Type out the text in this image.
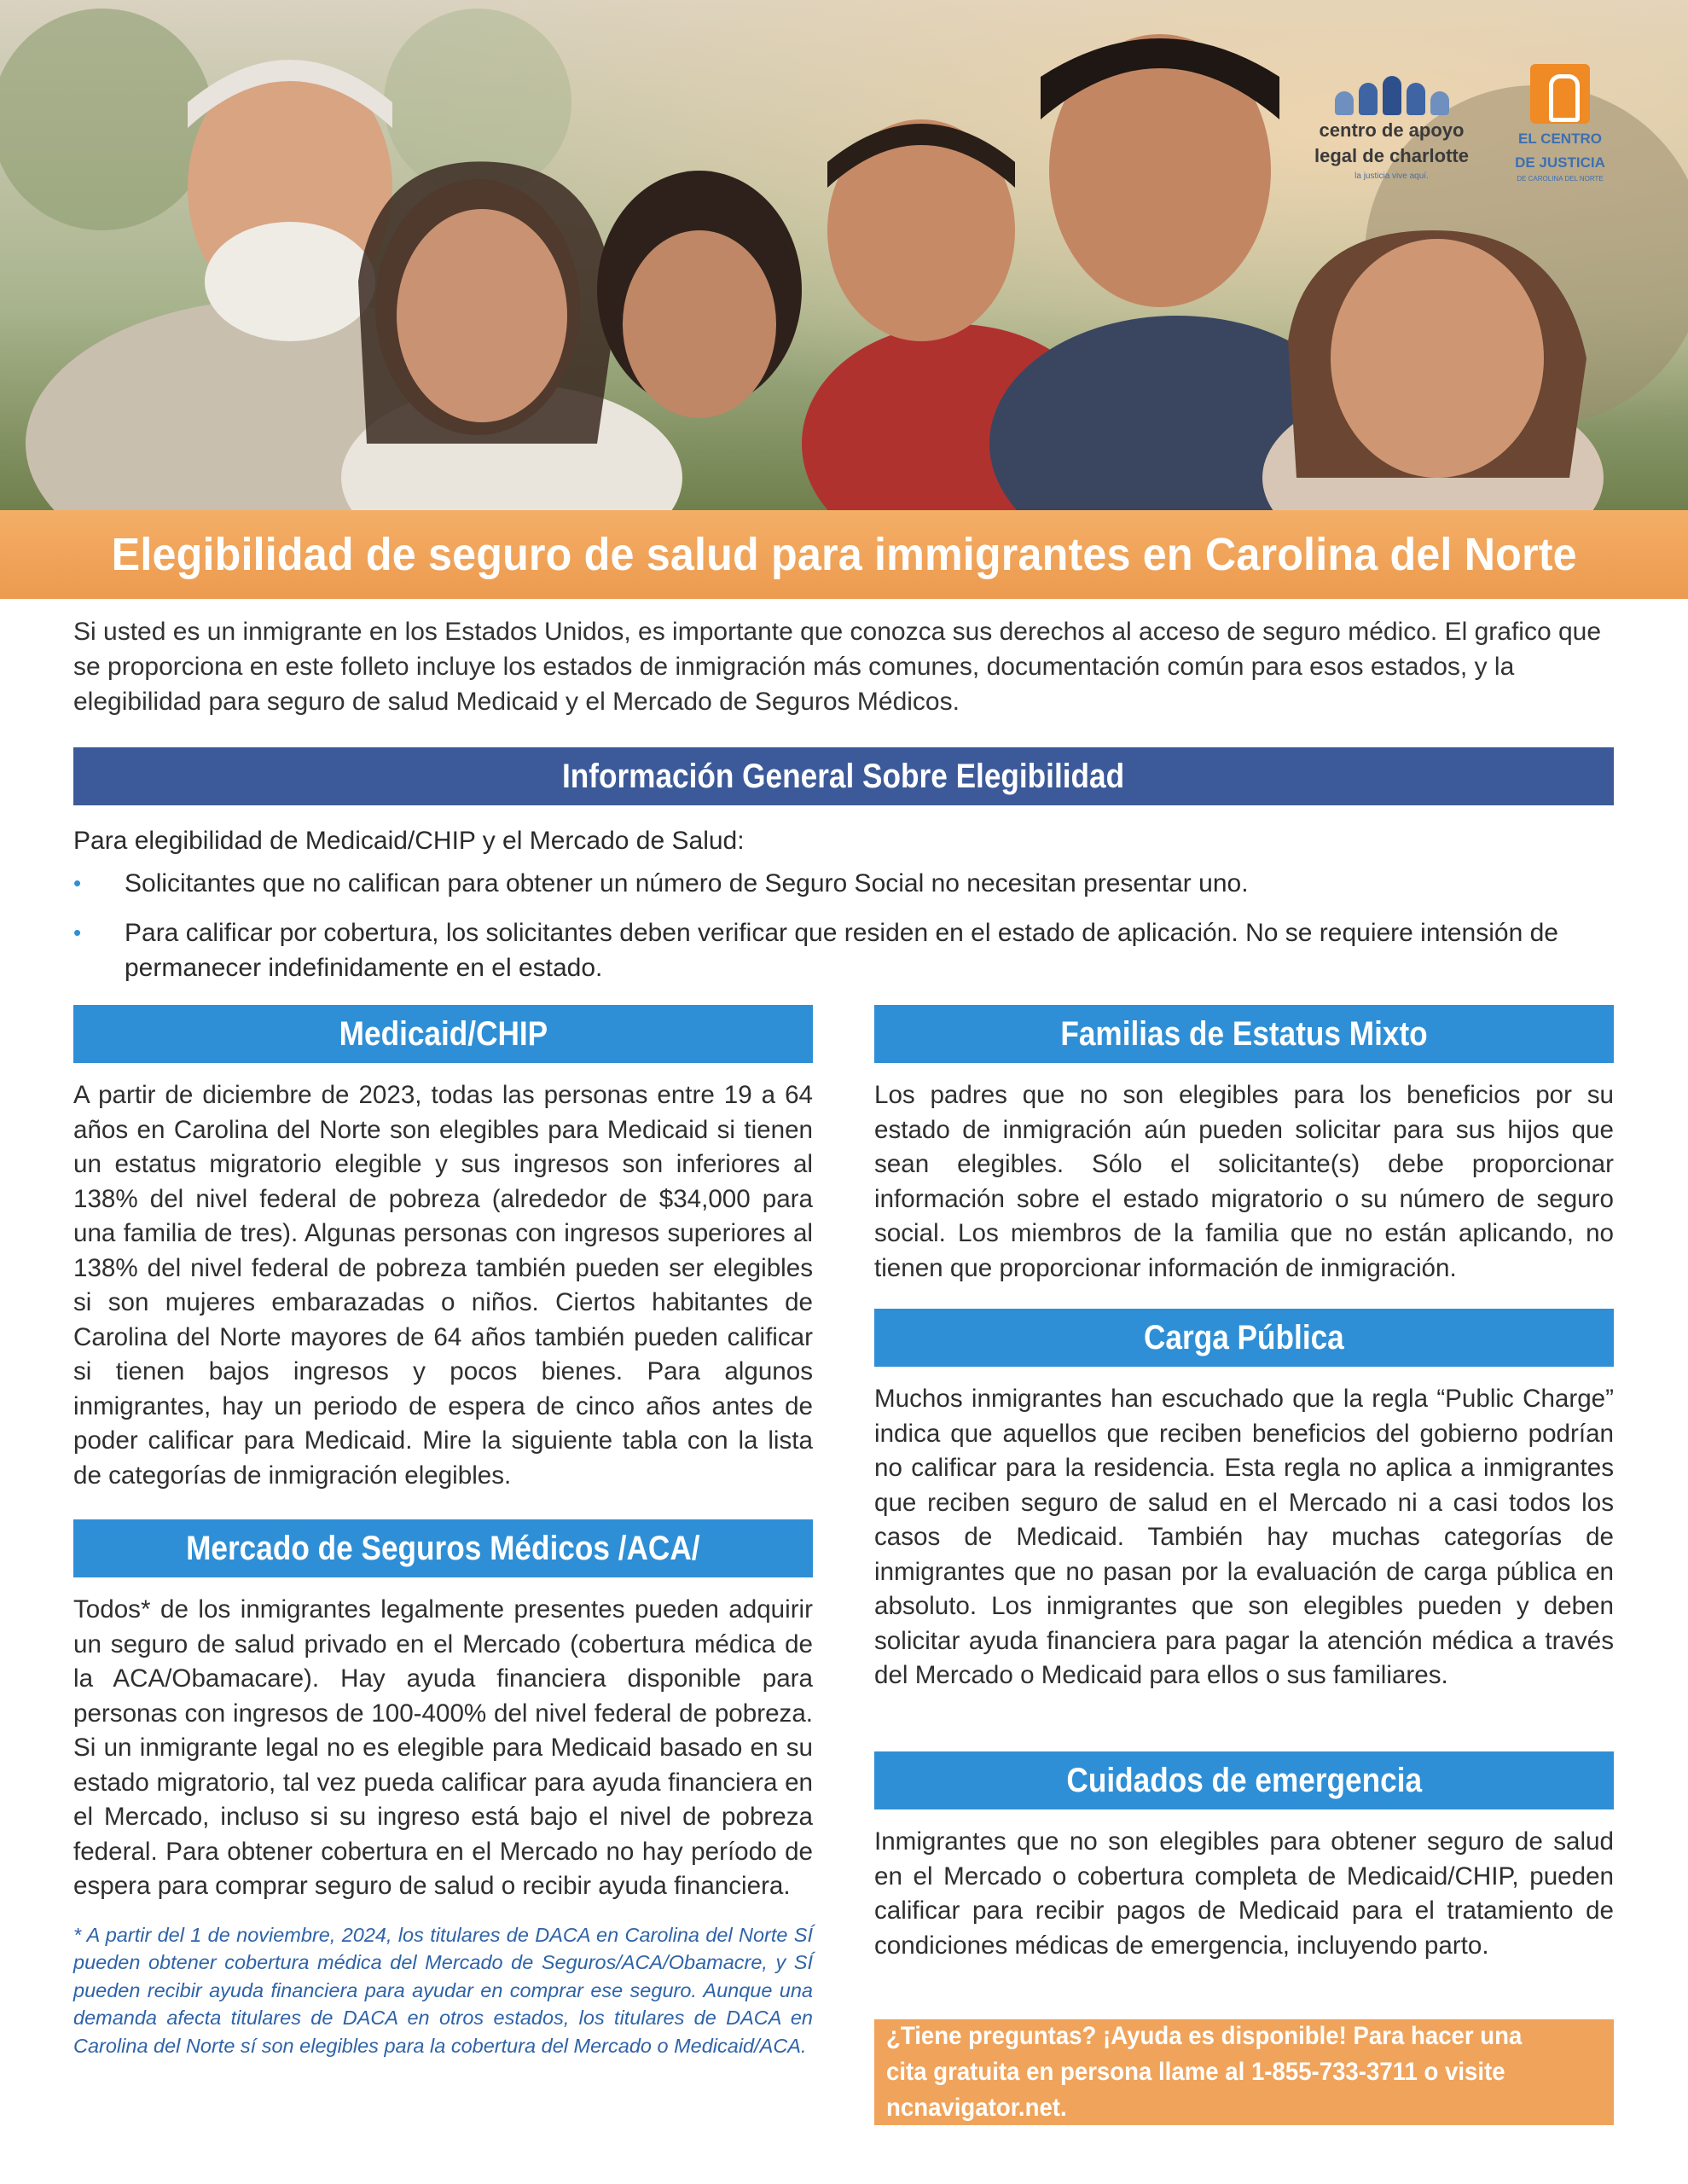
centro de apoyo
legal de charlotte
la justicia vive aquí.
EL CENTRO
DE JUSTICIA
DE CAROLINA DEL NORTE
Elegibilidad de seguro de salud para immigrantes en Carolina del Norte

Si usted es un inmigrante en los Estados Unidos, es importante que conozca sus derechos al acceso de seguro médico. El grafico que se proporciona en este folleto incluye los estados de inmigración más comunes, documentación común para esos estados, y la elegibilidad para seguro de salud Medicaid y el Mercado de Seguros Médicos.

Información General Sobre Elegibilidad

Para elegibilidad de Medicaid/CHIP y el Mercado de Salud:

• Solicitantes que no califican para obtener un número de Seguro Social no necesitan presentar uno.
• Para calificar por cobertura, los solicitantes deben verificar que residen en el estado de aplicación. No se requiere intensión de permanecer indefinidamente en el estado.
Medicaid/CHIP

A partir de diciembre de 2023, todas las personas entre 19 a 64 años en Carolina del Norte son elegibles para Medicaid si tienen un estatus migratorio elegible y sus ingresos son inferiores al 138% del nivel federal de pobreza (alrededor de $34,000 para una familia de tres). Algunas personas con ingresos superiores al 138% del nivel federal de pobreza también pueden ser elegibles si son mujeres embarazadas o niños. Ciertos habitantes de Carolina del Norte mayores de 64 años también pueden calificar si tienen bajos ingresos y pocos bienes. Para algunos inmigrantes, hay un periodo de espera de cinco años antes de poder calificar para Medicaid. Mire la siguiente tabla con la lista de categorías de inmigración elegibles.

Mercado de Seguros Médicos /ACA/

Todos* de los inmigrantes legalmente presentes pueden adquirir un seguro de salud privado en el Mercado (cobertura médica de la ACA/Obamacare). Hay ayuda financiera disponible para personas con ingresos de 100-400% del nivel federal de pobreza. Si un inmigrante legal no es elegible para Medicaid basado en su estado migratorio, tal vez pueda calificar para ayuda financiera en el Mercado, incluso si su ingreso está bajo el nivel de pobreza federal. Para obtener cobertura en el Mercado no hay período de espera para comprar seguro de salud o recibir ayuda financiera.

* A partir del 1 de noviembre, 2024, los titulares de DACA en Carolina del Norte SÍ pueden obtener cobertura médica del Mercado de Seguros/ACA/Obamacre, y SÍ pueden recibir ayuda financiera para ayudar en comprar ese seguro. Aunque una demanda afecta titulares de DACA en otros estados, los titulares de DACA en Carolina del Norte sí son elegibles para la cobertura del Mercado o Medicaid/ACA.

Familias de Estatus Mixto

Los padres que no son elegibles para los beneficios por su estado de inmigración aún pueden solicitar para sus hijos que sean elegibles. Sólo el solicitante(s) debe proporcionar información sobre el estado migratorio o su número de seguro social. Los miembros de la familia que no están aplicando, no tienen que proporcionar información de inmigración.

Carga Pública

Muchos inmigrantes han escuchado que la regla “Public Charge” indica que aquellos que reciben beneficios del gobierno podrían no calificar para la residencia. Esta regla no aplica a inmigrantes que reciben seguro de salud en el Mercado ni a casi todos los casos de Medicaid. También hay muchas categorías de inmigrantes que no pasan por la evaluación de carga pública en absoluto. Los inmigrantes que son elegibles pueden y deben solicitar ayuda financiera para pagar la atención médica a través del Mercado o Medicaid para ellos o sus familiares.

Cuidados de emergencia

Inmigrantes que no son elegibles para obtener seguro de salud en el Mercado o cobertura completa de Medicaid/CHIP, pueden calificar para recibir pagos de Medicaid para el tratamiento de condiciones médicas de emergencia, incluyendo parto.

¿Tiene preguntas? ¡Ayuda es disponible! Para hacer una cita gratuita en persona llame al 1-855-733-3711 o visite ncnavigator.net.
